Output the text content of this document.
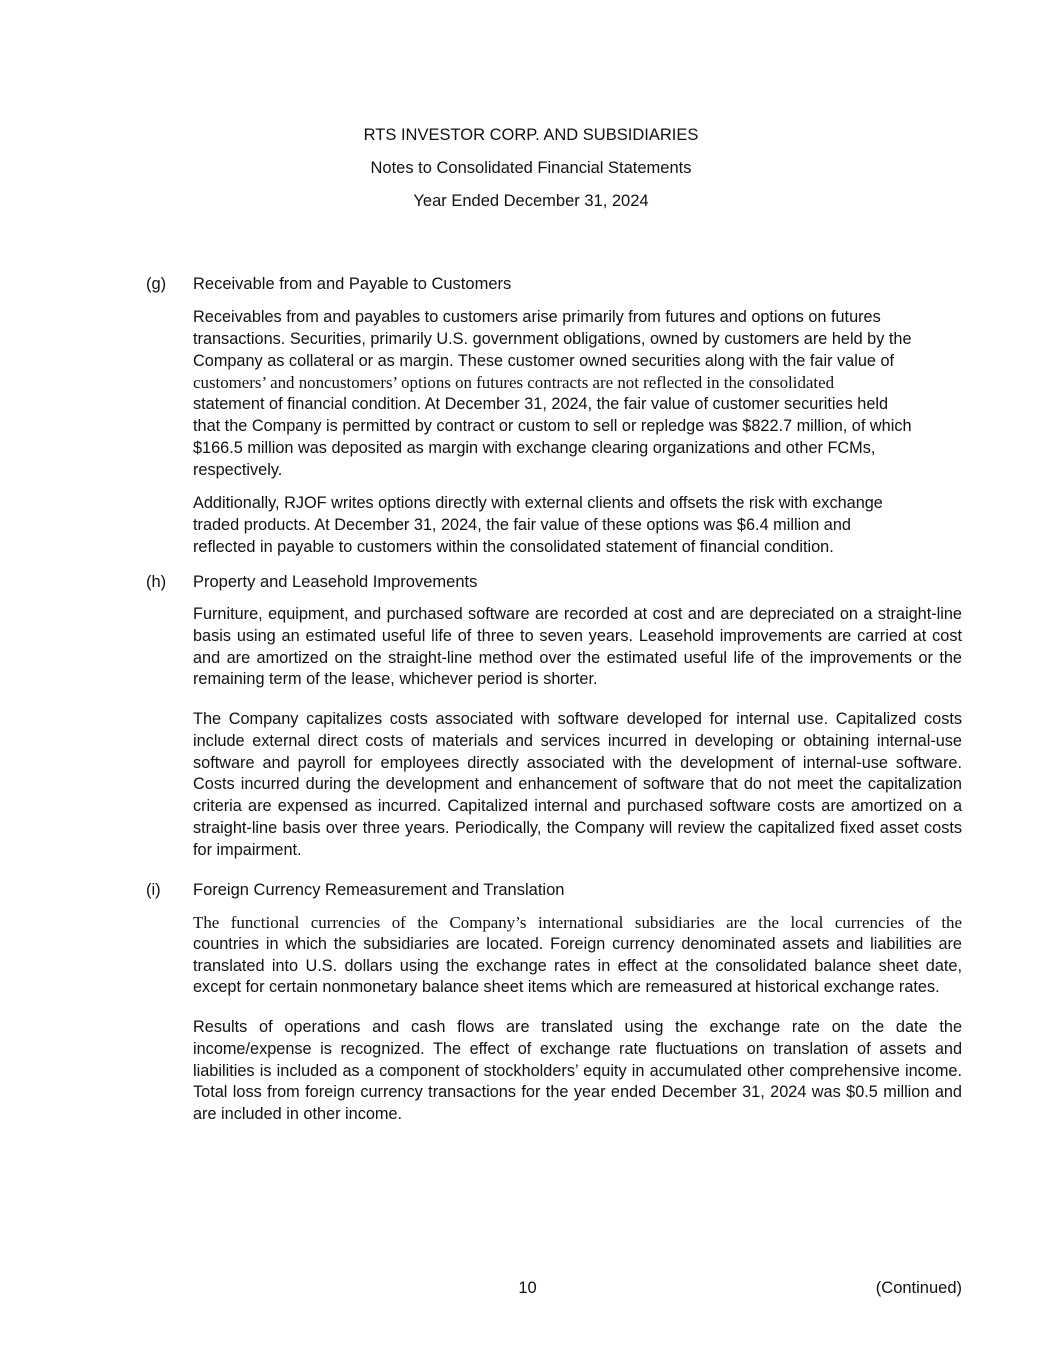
RTS INVESTOR CORP. AND SUBSIDIARIES
Notes to Consolidated Financial Statements
Year Ended December 31, 2024
(g) Receivable from and Payable to Customers
Receivables from and payables to customers arise primarily from futures and options on futures
transactions. Securities, primarily U.S. government obligations, owned by customers are held by the
Company as collateral or as margin. These customer owned securities along with the fair value of
customers’ and noncustomers’ options on futures contracts are not reflected in the consolidated
statement of financial condition. At December 31, 2024, the fair value of customer securities held
that the Company is permitted by contract or custom to sell or repledge was $822.7 million, of which
$166.5 million was deposited as margin with exchange clearing organizations and other FCMs,
respectively.
Additionally, RJOF writes options directly with external clients and offsets the risk with exchange
traded products. At December 31, 2024, the fair value of these options was $6.4 million and
reflected in payable to customers within the consolidated statement of financial condition.
(h) Property and Leasehold Improvements

Furniture, equipment, and purchased software are recorded at cost and are depreciated on a straight-line basis using an estimated useful life of three to seven years. Leasehold improvements are carried at cost and are amortized on the straight-line method over the estimated useful life of the improvements or the remaining term of the lease, whichever period is shorter.

The Company capitalizes costs associated with software developed for internal use. Capitalized costs include external direct costs of materials and services incurred in developing or obtaining internal-use software and payroll for employees directly associated with the development of internal-use software. Costs incurred during the development and enhancement of software that do not meet the capitalization criteria are expensed as incurred. Capitalized internal and purchased software costs are amortized on a straight-line basis over three years. Periodically, the Company will review the capitalized fixed asset costs for impairment.

(i) Foreign Currency Remeasurement and Translation
The functional currencies of the Company’s international subsidiaries are the local currencies of the
countries in which the subsidiaries are located. Foreign currency denominated assets and liabilities are translated into U.S. dollars using the exchange rates in effect at the consolidated balance sheet date, except for certain nonmonetary balance sheet items which are remeasured at historical exchange rates.

Results of operations and cash flows are translated using the exchange rate on the date the income/expense is recognized. The effect of exchange rate fluctuations on translation of assets and liabilities is included as a component of stockholders’ equity in accumulated other comprehensive income. Total loss from foreign currency transactions for the year ended December 31, 2024 was $0.5 million and are included in other income.

10	(Continued)
